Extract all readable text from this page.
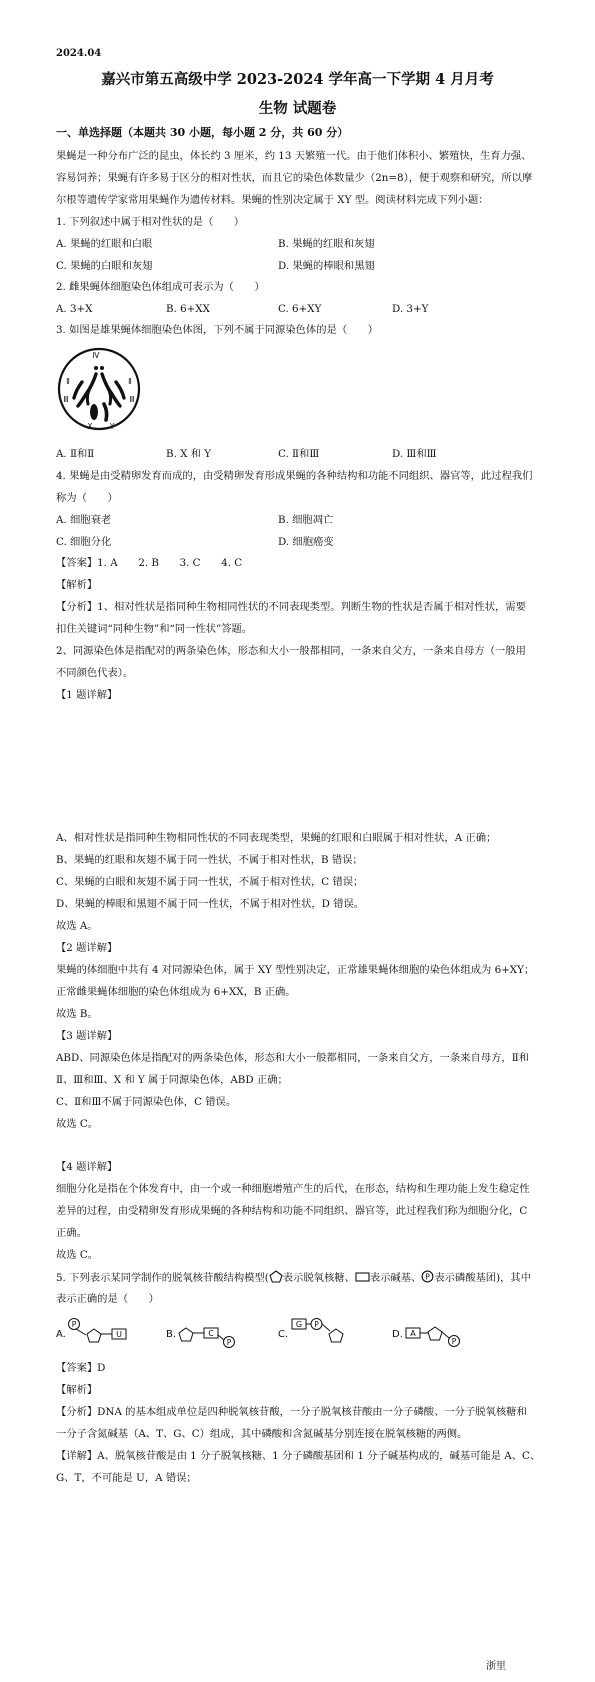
2024.04
嘉兴市第五高级中学 2023-2024 学年高一下学期 4 月月考
生物 试题卷
一、单选择题（本题共 30 小题，每小题 2 分，共 60 分）
果蝇是一种分布广泛的昆虫，体长约 3 厘米，约 13 天繁殖一代。由于他们体积小、繁殖快，生育力强、
容易饲养；果蝇有许多易于区分的相对性状，而且它的染色体数量少（2n=8），便于观察和研究，所以摩
尔根等遗传学家常用果蝇作为遗传材料。果蝇的性别决定属于 XY 型。阅读材料完成下列小题：
1. 下列叙述中属于相对性状的是（　　）
A. 果蝇的红眼和白眼	B. 果蝇的红眼和灰翅
C. 果蝇的白眼和灰翅	D. 果蝇的棒眼和黑翅
2. 雌果蝇体细胞染色体组成可表示为（　　）
A. 3+X	B. 6+XX	C. 6+XY	D. 3+Y
3. 如图是雄果蝇体细胞染色体图，下列不属于同源染色体的是（　　）
Ⅳ
Ⅱ	Ⅱ
Ⅲ	Ⅲ
X Y
A. Ⅱ和Ⅱ	B. X 和 Y	C. Ⅱ和Ⅲ	D. Ⅲ和Ⅲ
4. 果蝇是由受精卵发育而成的，由受精卵发育形成果蝇的各种结构和功能不同组织、器官等，此过程我们
称为（　　）
A. 细胞衰老	B. 细胞凋亡
C. 细胞分化	D. 细胞癌变
【答案】1. A　　2. B　　3. C　　4. C
【解析】
【分析】1、相对性状是指同种生物相同性状的不同表现类型。判断生物的性状是否属于相对性状，需要
扣住关键词“同种生物”和“同一性状”答题。
2、同源染色体是指配对的两条染色体，形态和大小一般都相同，一条来自父方，一条来自母方（一般用
不同颜色代表）。
【1 题详解】
A、相对性状是指同种生物相同性状的不同表现类型，果蝇的红眼和白眼属于相对性状，A 正确；
B、果蝇的红眼和灰翅不属于同一性状，不属于相对性状，B 错误；
C、果蝇的白眼和灰翅不属于同一性状，不属于相对性状，C 错误；
D、果蝇的棒眼和黑翅不属于同一性状，不属于相对性状，D 错误。
故选 A。
【2 题详解】
果蝇的体细胞中共有 4 对同源染色体，属于 XY 型性别决定，正常雄果蝇体细胞的染色体组成为 6+XY；
正常雌果蝇体细胞的染色体组成为 6+XX，B 正确。
故选 B。
【3 题详解】
ABD、同源染色体是指配对的两条染色体，形态和大小一般都相同，一条来自父方，一条来自母方，Ⅱ和
Ⅱ、Ⅲ和Ⅲ、X 和 Y 属于同源染色体，ABD 正确；
C、Ⅱ和Ⅲ不属于同源染色体，C 错误。
故选 C。
【4 题详解】
细胞分化是指在个体发育中，由一个或一种细胞增殖产生的后代，在形态，结构和生理功能上发生稳定性
差异的过程，由受精卵发育形成果蝇的各种结构和功能不同组织、器官等，此过程我们称为细胞分化，C
正确。
故选 C。
5. 下列表示某同学制作的脱氧核苷酸结构模型( 表示脱氧核糖、 表示碱基、 P 表示磷酸基团)，其中
表示正确的是（　　）
A.
P
U	B.	C
P
C.
G P
D. A
P
【答案】D
【解析】
【分析】DNA 的基本组成单位是四种脱氧核苷酸，一分子脱氧核苷酸由一分子磷酸、一分子脱氧核糖和
一分子含氮碱基（A、T、G、C）组成，其中磷酸和含氮碱基分别连接在脱氧核糖的两侧。
【详解】A、脱氧核苷酸是由 1 分子脱氧核糖、1 分子磷酸基团和 1 分子碱基构成的，碱基可能是 A、C、
G、T，不可能是 U，A 错误；
浙里
